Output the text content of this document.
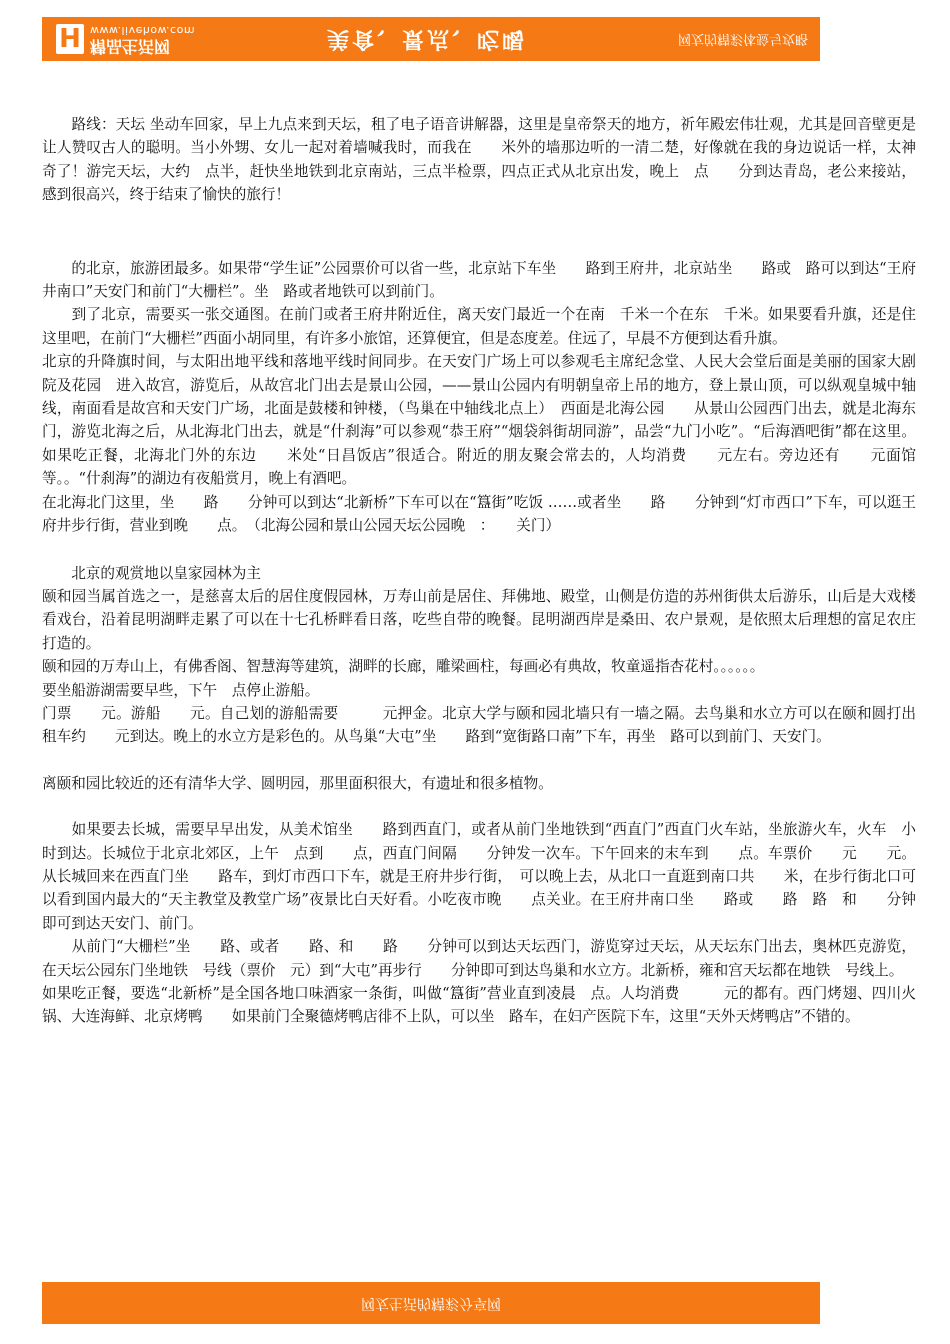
H www.livehow.com
精品生活网	美食、景点、吃喝	网友的精彩体验与攻略

　　路线：天坛 坐动车回家，早上九点来到天坛，租了电子语音讲解器，这里是皇帝祭天的地方，祈年殿宏伟壮观，尤其是回音壁更是让人赞叹古人的聪明。当小外甥、女儿一起对着墙喊我时，而我在　　米外的墙那边听的一清二楚，好像就在我的身边说话一样，太神奇了！游完天坛，大约　点半，赶快坐地铁到北京南站，三点半检票，四点正式从北京出发，晚上　点　　分到达青岛，老公来接站，感到很高兴，终于结束了愉快的旅行！

　　的北京，旅游团最多。如果带“学生证”公园票价可以省一些，北京站下车坐　　路到王府井，北京站坐　　路或　路可以到达“王府井南口”天安门和前门“大栅栏”。坐　路或者地铁可以到前门。

　　到了北京，需要买一张交通图。在前门或者王府井附近住，离天安门最近一个在南　千米一个在东　千米。如果要看升旗，还是住这里吧，在前门“大栅栏”西面小胡同里，有许多小旅馆，还算便宜，但是态度差。住远了，早晨不方便到达看升旗。

北京的升降旗时间，与太阳出地平线和落地平线时间同步。在天安门广场上可以参观毛主席纪念堂、人民大会堂后面是美丽的国家大剧院及花园　进入故宫，游览后，从故宫北门出去是景山公园，——景山公园内有明朝皇帝上吊的地方，登上景山顶，可以纵观皇城中轴线，南面看是故宫和天安门广场，北面是鼓楼和钟楼，（鸟巢在中轴线北点上）　西面是北海公园　　从景山公园西门出去，就是北海东门，游览北海之后，从北海北门出去，就是“什刹海”可以参观“恭王府”“烟袋斜街胡同游”，品尝“九门小吃”。“后海酒吧街”都在这里。如果吃正餐，北海北门外的东边　　米处“日昌饭店”很适合。附近的朋友聚会常去的，人均消费　　元左右。旁边还有　　元面馆等。。“什刹海”的湖边有夜船赏月，晚上有酒吧。

在北海北门这里，坐　　路　　分钟可以到达“北新桥”下车可以在“簋街”吃饭 ……或者坐　　路　　分钟到“灯市西口”下车，可以逛王府井步行街，营业到晚　　点。　（北海公园和景山公园天坛公园晚　：　　关门）

　　北京的观赏地以皇家园林为主

颐和园当属首选之一，是慈喜太后的居住度假园林，万寿山前是居住、拜佛地、殿堂，山侧是仿造的苏州街供太后游乐，山后是大戏楼看戏台，沿着昆明湖畔走累了可以在十七孔桥畔看日落，吃些自带的晚餐。昆明湖西岸是桑田、农户景观，是依照太后理想的富足农庄打造的。

颐和园的万寿山上，有佛香阁、智慧海等建筑，湖畔的长廊，雕梁画柱，每画必有典故，牧童遥指杏花村。。。。。。

要坐船游湖需要早些，下午　点停止游船。

门票　　元。游船　　元。自己划的游船需要　　　元押金。北京大学与颐和园北墙只有一墙之隔。去鸟巢和水立方可以在颐和圆打出租车约　　元到达。晚上的水立方是彩色的。从鸟巢“大屯”坐　　路到“宽街路口南”下车，再坐　路可以到前门、天安门。

离颐和园比较近的还有清华大学、圆明园，那里面积很大，有遗址和很多植物。

　　如果要去长城，需要早早出发，从美术馆坐　　路到西直门，或者从前门坐地铁到“西直门”西直门火车站，坐旅游火车，火车　小时到达。长城位于北京北郊区，上午　点到　　点，西直门间隔　　分钟发一次车。下午回来的末车到　　点。车票价　　元　　元。 从长城回来在西直门坐　　路车，到灯市西口下车，就是王府井步行街，　可以晚上去，从北口一直逛到南口共　　米，在步行街北口可以看到国内最大的“天主教堂及教堂广场”夜景比白天好看。小吃夜市晚　　点关业。在王府井南口坐　　路或　　路　路　和　　分钟即可到达天安门、前门。

　　从前门“大栅栏”坐　　路、或者　　路、和　　路　　分钟可以到达天坛西门，游览穿过天坛，从天坛东门出去，奥林匹克游览，在天坛公园东门坐地铁　号线（票价　元）到“大屯”再步行　　分钟即可到达鸟巢和水立方。北新桥，雍和宫天坛都在地铁　号线上。

如果吃正餐，要选“北新桥”是全国各地口味酒家一条街，叫做“簋街”营业直到凌晨　点。人均消费　　　元的都有。西门烤翅、四川火锅、大连海鲜、北京烤鸭　　如果前门全聚德烤鸭店徘不上队，可以坐　路车，在妇产医院下车，这里“天外天烤鸭店”不错的。

网友生活的精彩分享网
